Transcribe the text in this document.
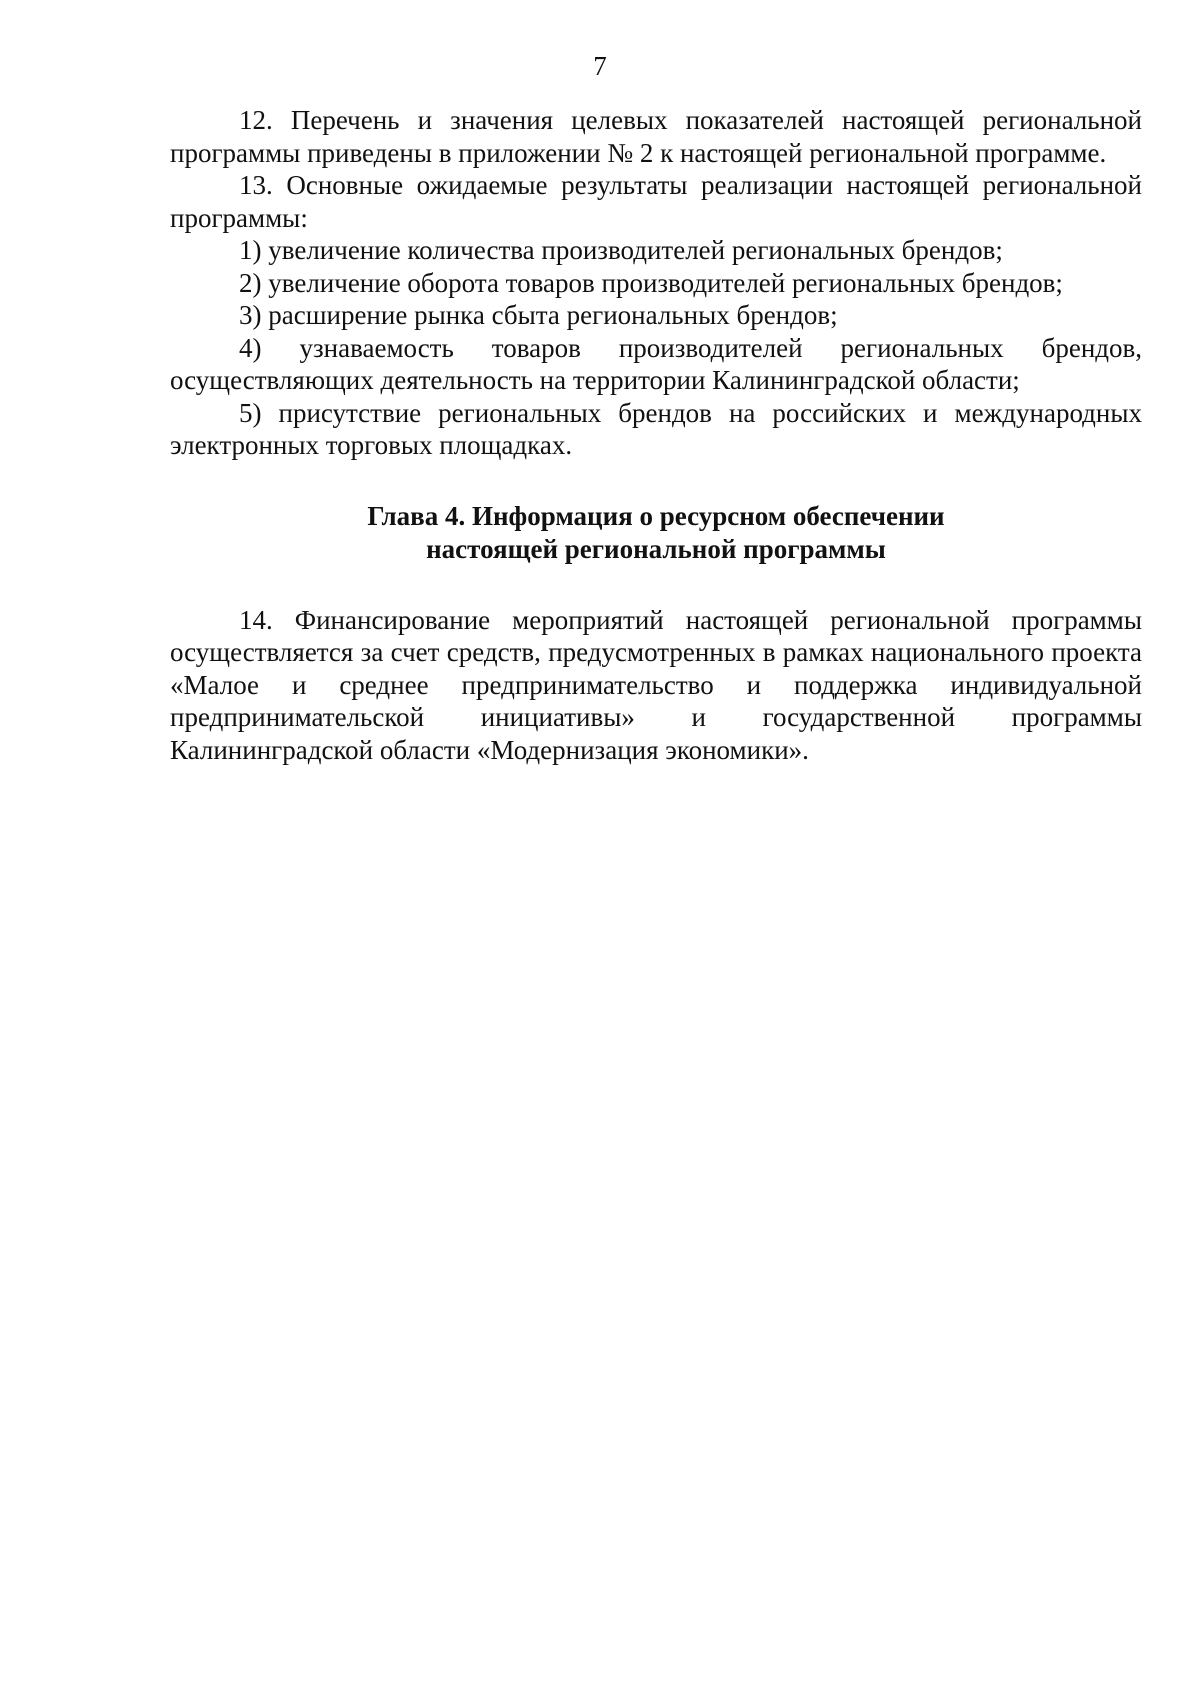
7

12. Перечень и значения целевых показателей настоящей региональной программы приведены в приложении № 2 к настоящей региональной программе.

13. Основные ожидаемые результаты реализации настоящей региональной программы:

1) увеличение количества производителей региональных брендов;

2) увеличение оборота товаров производителей региональных брендов;

3) расширение рынка сбыта региональных брендов;

4) узнаваемость товаров производителей региональных брендов, осуществляющих деятельность на территории Калининградской области;

5) присутствие региональных брендов на российских и международных электронных торговых площадках.

Глава 4. Информация о ресурсном обеспечении
настоящей региональной программы

14. Финансирование мероприятий настоящей региональной программы осуществляется за счет средств, предусмотренных в рамках национального проекта «Малое и среднее предпринимательство и поддержка индивидуальной предпринимательской инициативы» и государственной программы Калининградской области «Модернизация экономики».
